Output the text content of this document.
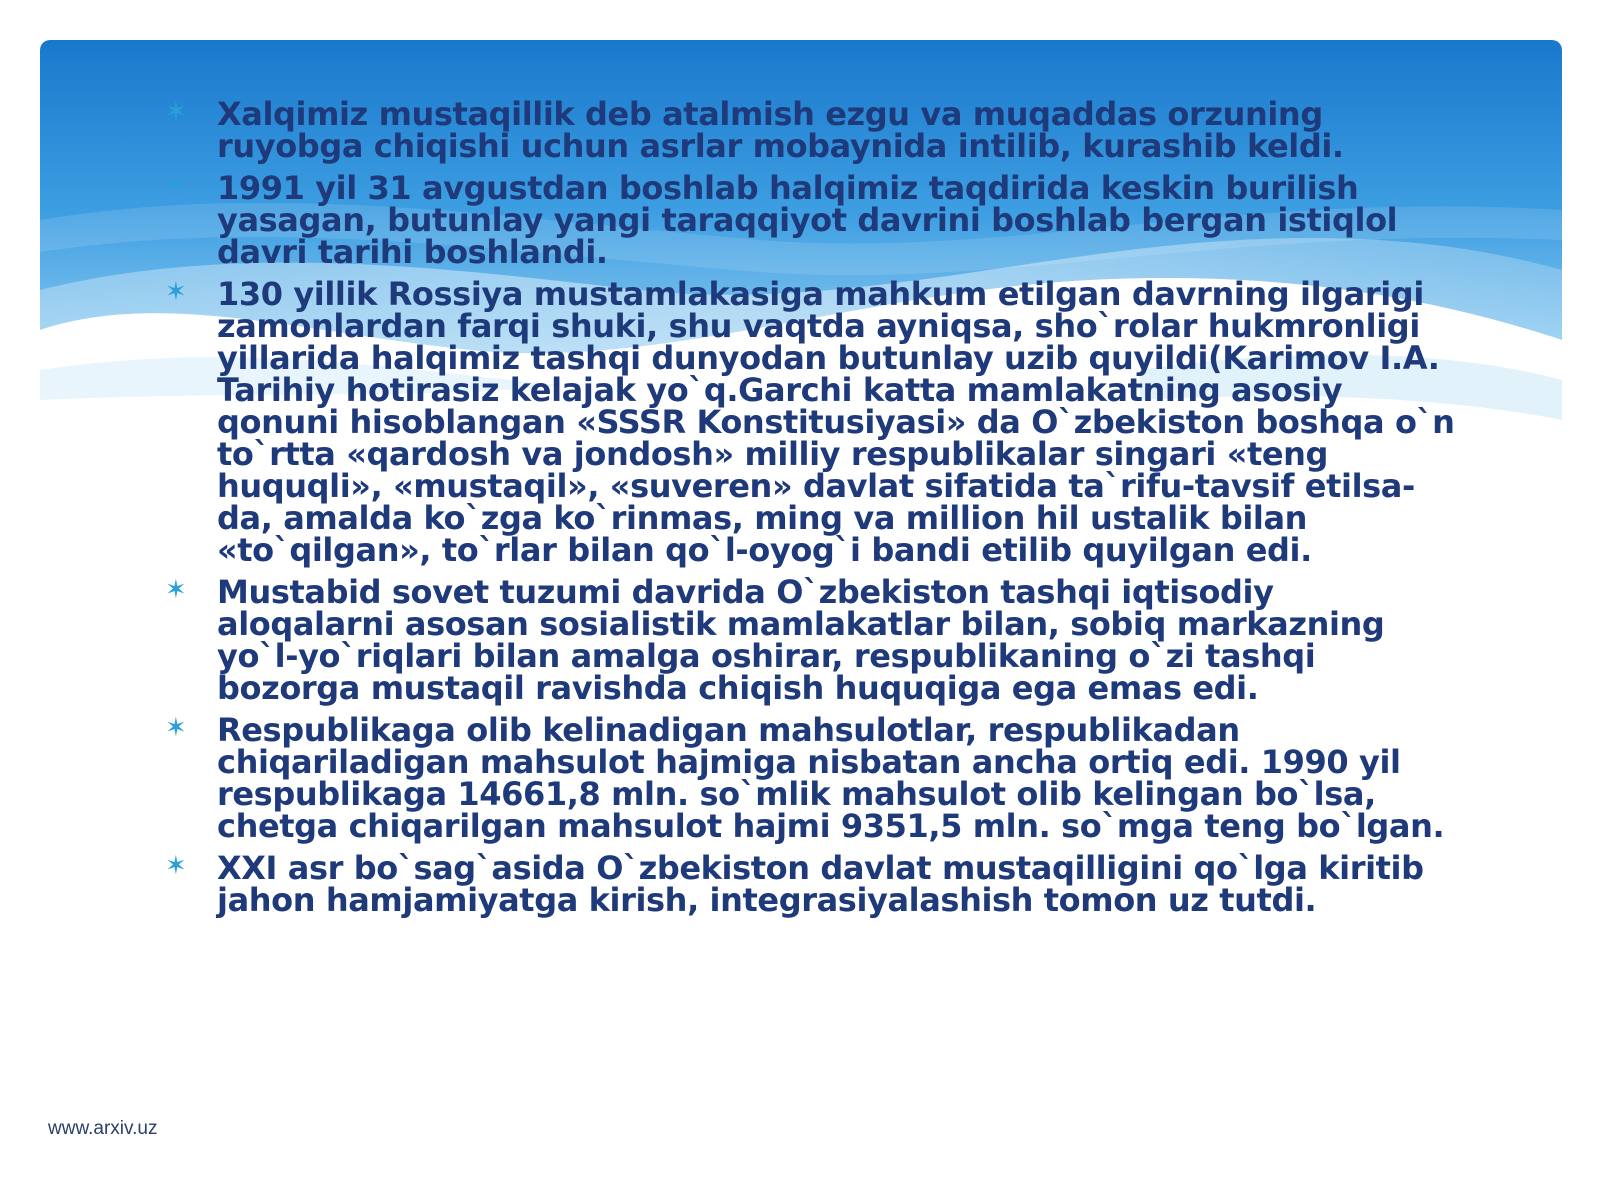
✶ Xalqimiz mustaqillik deb atalmish ezgu va muqaddas orzuning ruyobga chiqishi uchun asrlar mobaynida intilib, kurashib keldi.
✶ 1991 yil 31 avgustdan boshlab halqimiz taqdirida keskin burilish yasagan, butunlay yangi taraqqiyot davrini boshlab bergan istiqlol davri tarihi boshlandi.
✶ 130 yillik Rossiya mustamlakasiga mahkum etilgan davrning ilgarigi zamonlardan farqi shuki, shu vaqtda ayniqsa, sho`rolar hukmronligi yillarida halqimiz tashqi dunyodan butunlay uzib quyildi(Karimov I.A. Tarihiy hotirasiz kelajak yo`q.Garchi katta mamlakatning asosiy qonuni hisoblangan «SSSR Konstitusiyasi» da O`zbekiston boshqa o`n to`rtta «qardosh va jondosh» milliy respublikalar singari «teng huquqli», «mustaqil», «suveren» davlat sifatida ta`rifu-tavsif etilsa-da, amalda ko`zga ko`rinmas, ming va million hil ustalik bilan «to`qilgan», to`rlar bilan qo`l-oyog`i bandi etilib quyilgan edi.
✶ Mustabid sovet tuzumi davrida O`zbekiston tashqi iqtisodiy aloqalarni asosan sosialistik mamlakatlar bilan, sobiq markazning yo`l-yo`riqlari bilan amalga oshirar, respublikaning o`zi tashqi bozorga mustaqil ravishda chiqish huquqiga ega emas edi.
✶ Respublikaga olib kelinadigan mahsulotlar, respublikadan chiqariladigan mahsulot hajmiga nisbatan ancha ortiq edi. 1990 yil respublikaga 14661,8 mln. so`mlik mahsulot olib kelingan bo`lsa, chetga chiqarilgan mahsulot hajmi 9351,5 mln. so`mga teng bo`lgan.
✶ XXI asr bo`sag`asida O`zbekiston davlat mustaqilligini qo`lga kiritib jahon hamjamiyatga kirish, integrasiyalashish tomon uz tutdi.
www.arxiv.uz
